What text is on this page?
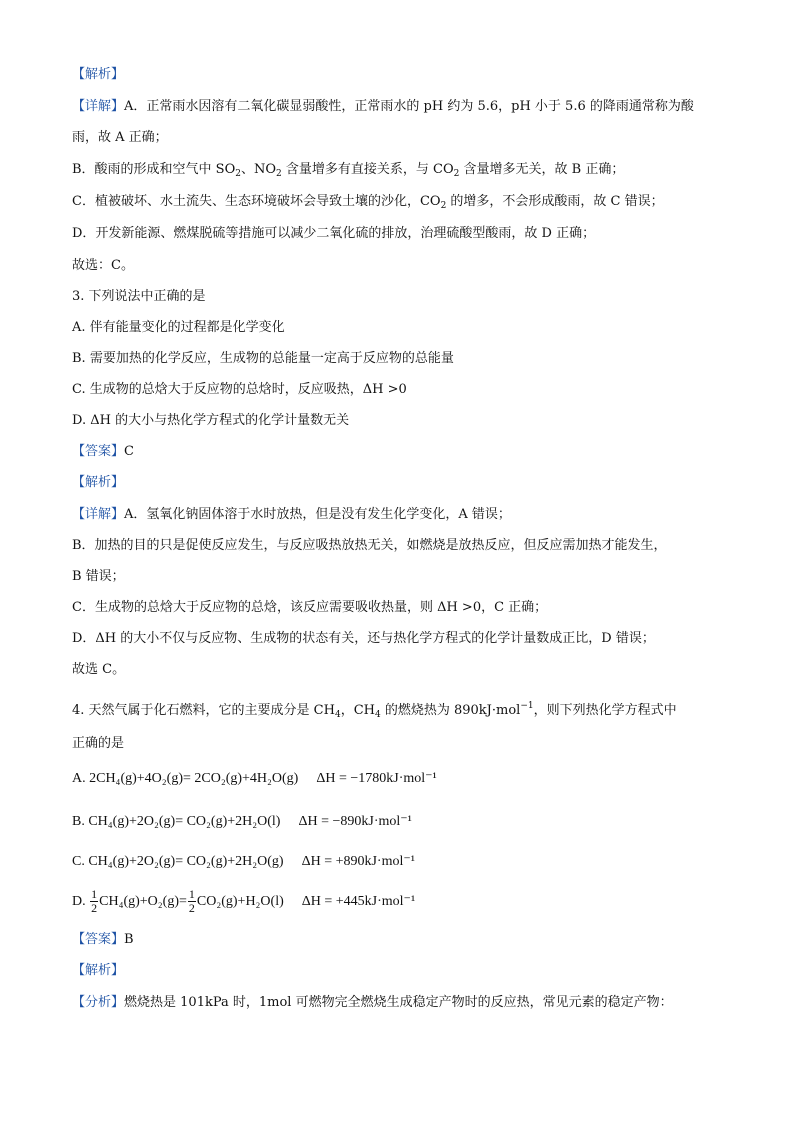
【解析】
【详解】A．正常雨水因溶有二氧化碳显弱酸性，正常雨水的 pH 约为 5.6，pH 小于 5.6 的降雨通常称为酸
雨，故 A 正确；
B．酸雨的形成和空气中 $SO_2$、$NO_2$ 含量增多有直接关系，与 $CO_2$ 含量增多无关，故 B 正确；
C．植被破坏、水土流失、生态环境破坏会导致土壤的沙化，$CO_2$ 的增多，不会形成酸雨，故 C 错误；
D．开发新能源、燃煤脱硫等措施可以减少二氧化硫的排放，治理硫酸型酸雨，故 D 正确；
故选：C。
3. 下列说法中正确的是
A. 伴有能量变化的过程都是化学变化
B. 需要加热的化学反应，生成物的总能量一定高于反应物的总能量
C. 生成物的总焓大于反应物的总焓时，反应吸热，ΔH >0
D. ΔH 的大小与热化学方程式的化学计量数无关
【答案】C
【解析】
【详解】A．氢氧化钠固体溶于水时放热，但是没有发生化学变化，A 错误；
B．加热的目的只是促使反应发生，与反应吸热放热无关，如燃烧是放热反应，但反应需加热才能发生，
B 错误；
C．生成物的总焓大于反应物的总焓，该反应需要吸收热量，则 ΔH >0，C 正确；
D．ΔH 的大小不仅与反应物、生成物的状态有关，还与热化学方程式的化学计量数成正比，D 错误；
故选 C。
4. 天然气属于化石燃料，它的主要成分是 $CH_4$，$CH_4$ 的燃烧热为 890kJ·mol$^{-1}$，则下列热化学方程式中
正确的是
A. 2CH₄(g)+4O₂(g)= 2CO₂(g)+4H₂O(g) ΔH = −1780kJ·mol⁻¹
B. CH₄(g)+2O₂(g)= CO₂(g)+2H₂O(l) ΔH = −890kJ·mol⁻¹
C. CH₄(g)+2O₂(g)= CO₂(g)+2H₂O(g) ΔH = +890kJ·mol⁻¹
D. $\frac{1}{2} CH_4(g)+O_2(g)= \frac{1}{2} CO_2(g)+H_2O(l) \Delta H = +445kJ\cdot mol^{-1}$
【答案】B
【解析】
【分析】燃烧热是 101kPa 时，1mol 可燃物完全燃烧生成稳定产物时的反应热，常见元素的稳定产物：
